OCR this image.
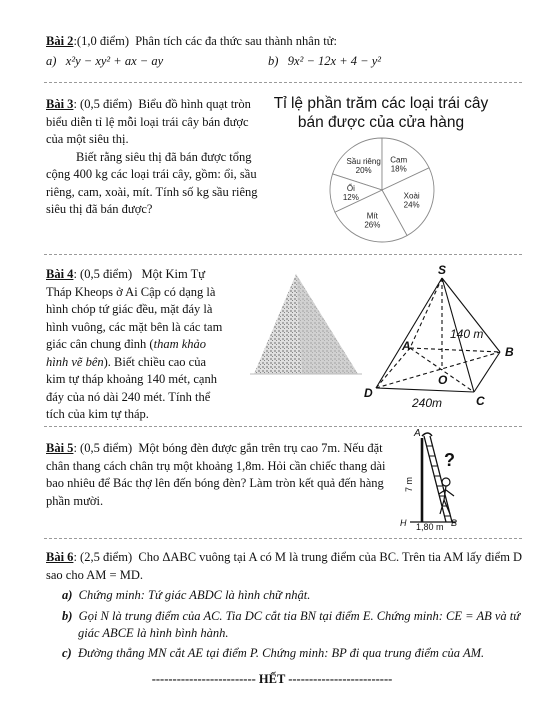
Bài 2:(1,0 điểm) Phân tích các đa thức sau thành nhân tử:
a) x²y − xy² + ax − ay	b) 9x² − 12x + 4 − y²
Bài 3: (0,5 điểm) Biểu đồ hình quạt tròn
biểu diễn tỉ lệ mỗi loại trái cây bán được
của một siêu thị.
Biết rằng siêu thị đã bán được tổng
cộng 400 kg các loại trái cây, gồm: ổi, sầu
riêng, cam, xoài, mít. Tính số kg sầu riêng
siêu thị đã bán được?
Tỉ lệ phần trăm các loại trái cây
bán được của cửa hàng
Sầu riêng
20%
Cam
18%
Xoài
24%
Mít
26%
Ổi
12%
Bài 4: (0,5 điểm) Một Kim Tự
Tháp Kheops ở Ai Cập có dạng là
hình chóp tứ giác đều, mặt đáy là
hình vuông, các mặt bên là các tam
giác cân chung đỉnh (tham khảo
hình vẽ bên). Biết chiều cao của
kim tự tháp khoảng 140 mét, cạnh
đáy của nó dài 240 mét. Tính thể
tích của kim tự tháp.
S
A	B
C
D
O
140 m
240m
Bài 5: (0,5 điểm) Một bóng đèn được gắn trên trụ cao 7m. Nếu đặt
chân thang cách chân trụ một khoảng 1,8m. Hỏi cần chiếc thang dài
bao nhiêu để Bác thợ lên đến bóng đèn? Làm tròn kết quả đến hàng
phần mười.
A
H	B
7 m
1,80 m
?
Bài 6: (2,5 điểm) Cho ΔABC vuông tại A có M là trung điểm của BC. Trên tia AM lấy điểm D
sao cho AM = MD.
a) Chứng minh: Tứ giác ABDC là hình chữ nhật.
b) Gọi N là trung điểm của AC. Tia DC cắt tia BN tại điểm E. Chứng minh: CE = AB và tứ
giác ABCE là hình bình hành.
c) Đường thẳng MN cắt AE tại điểm P. Chứng minh: BP đi qua trung điểm của AM.
------------------------- HẾT -------------------------
